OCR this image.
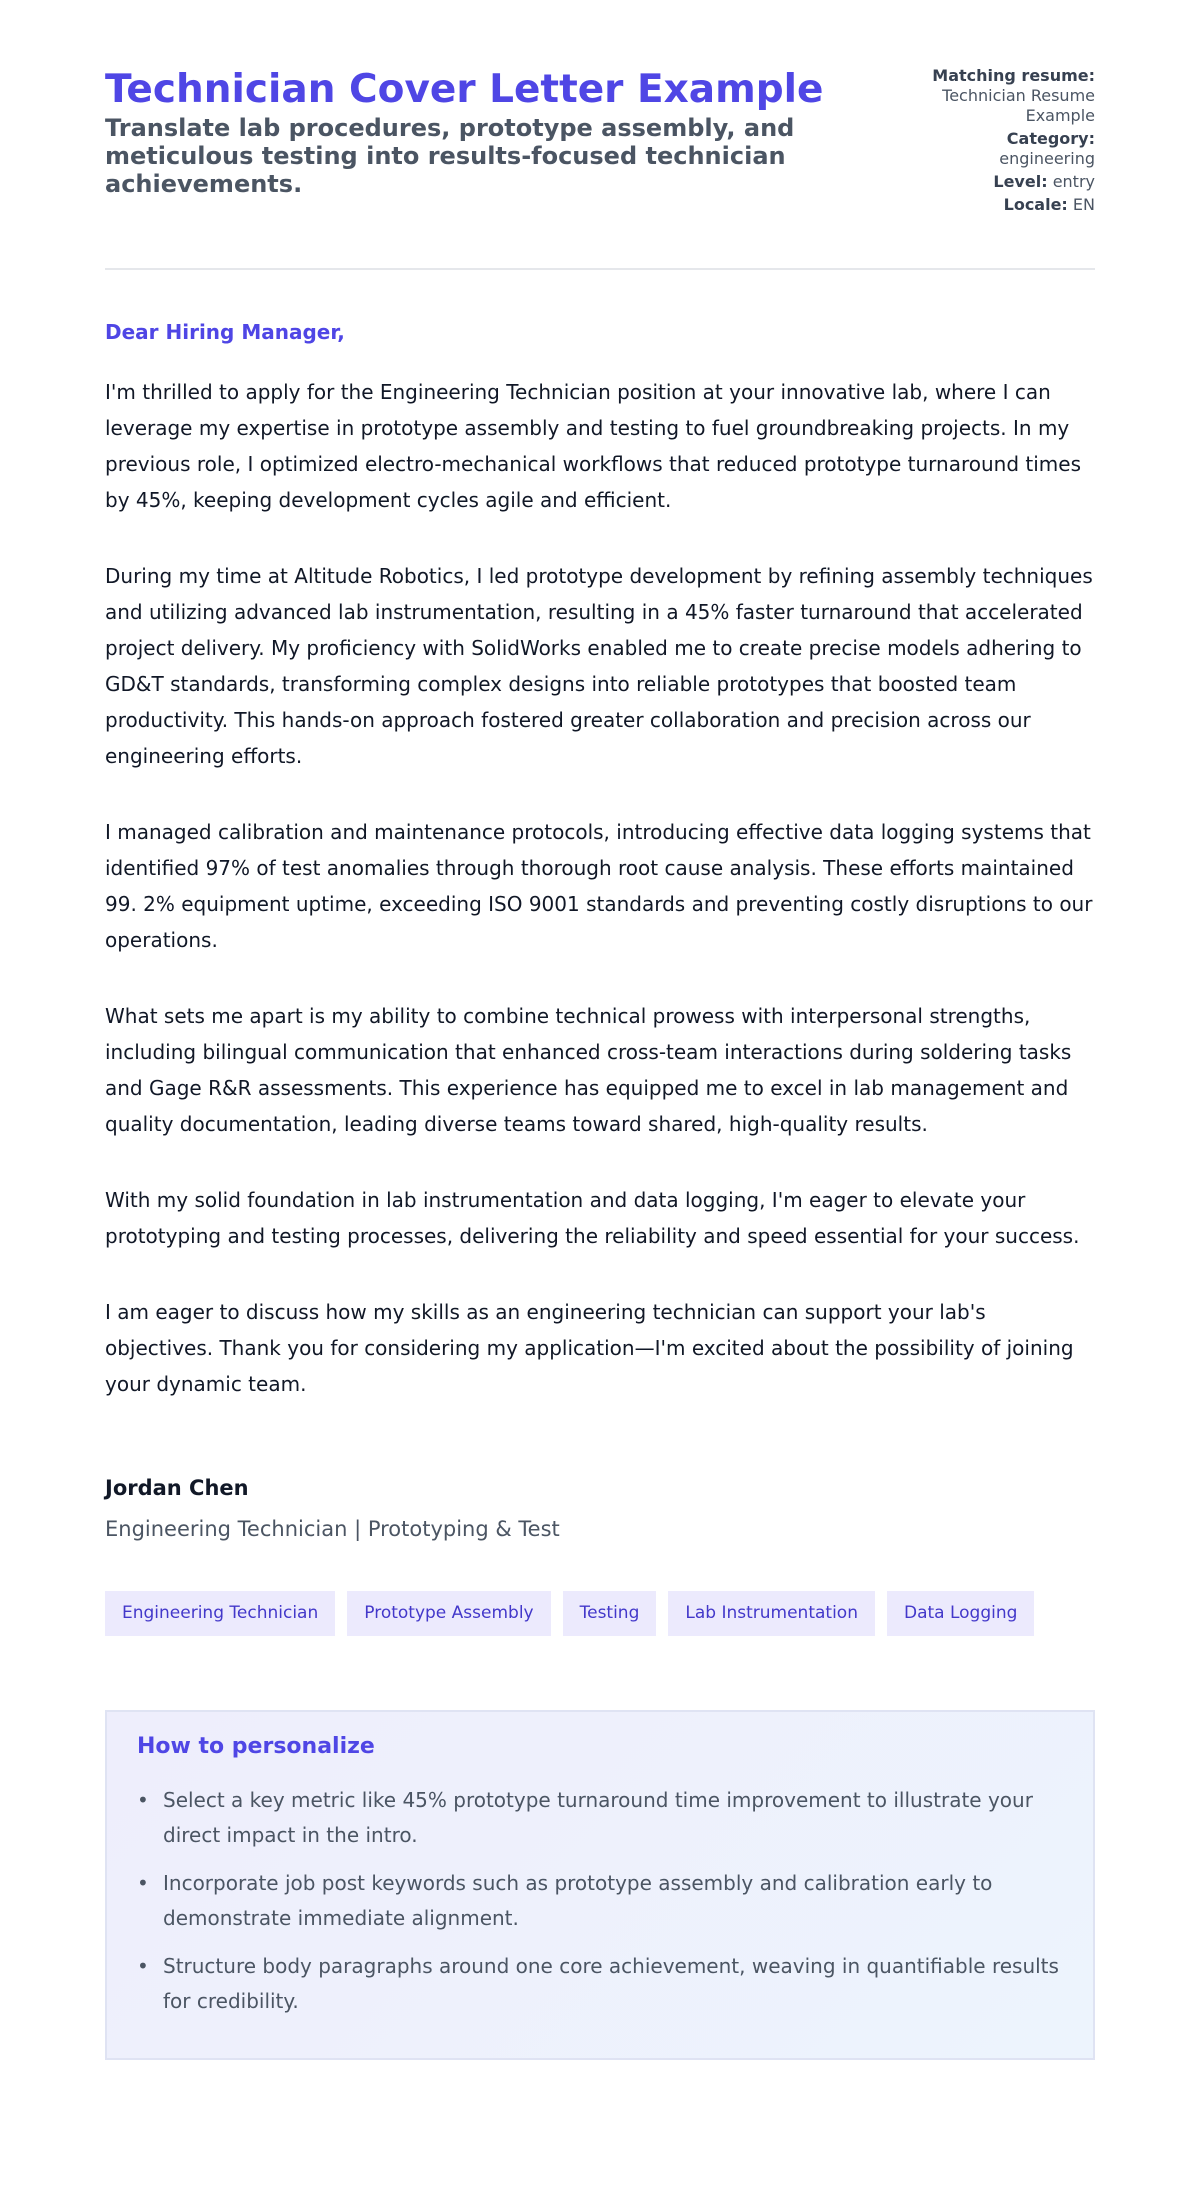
Technician Cover Letter Example

Translate lab procedures, prototype assembly, and meticulous testing into results-focused technician achievements.

Matching resume:
Technician Resume Example
Category:
engineering
Level: entry
Locale: EN

Dear Hiring Manager,

I'm thrilled to apply for the Engineering Technician position at your innovative lab, where I can leverage my expertise in prototype assembly and testing to fuel groundbreaking projects. In my previous role, I optimized electro-mechanical workflows that reduced prototype turnaround times by 45%, keeping development cycles agile and efficient.

During my time at Altitude Robotics, I led prototype development by refining assembly techniques and utilizing advanced lab instrumentation, resulting in a 45% faster turnaround that accelerated project delivery. My proficiency with SolidWorks enabled me to create precise models adhering to GD&T standards, transforming complex designs into reliable prototypes that boosted team productivity. This hands-on approach fostered greater collaboration and precision across our engineering efforts.

I managed calibration and maintenance protocols, introducing effective data logging systems that identified 97% of test anomalies through thorough root cause analysis. These efforts maintained 99. 2% equipment uptime, exceeding ISO 9001 standards and preventing costly disruptions to our operations.

What sets me apart is my ability to combine technical prowess with interpersonal strengths, including bilingual communication that enhanced cross-team interactions during soldering tasks and Gage R&R assessments. This experience has equipped me to excel in lab management and quality documentation, leading diverse teams toward shared, high-quality results.

With my solid foundation in lab instrumentation and data logging, I'm eager to elevate your prototyping and testing processes, delivering the reliability and speed essential for your success.

I am eager to discuss how my skills as an engineering technician can support your lab's objectives. Thank you for considering my application—I'm excited about the possibility of joining your dynamic team.

Jordan Chen

Engineering Technician | Prototyping & Test

Engineering Technician	Prototype Assembly	Testing	Lab Instrumentation	Data Logging
How to personalize
• Select a key metric like 45% prototype turnaround time improvement to illustrate your direct impact in the intro.
• Incorporate job post keywords such as prototype assembly and calibration early to demonstrate immediate alignment.
• Structure body paragraphs around one core achievement, weaving in quantifiable results for credibility.
